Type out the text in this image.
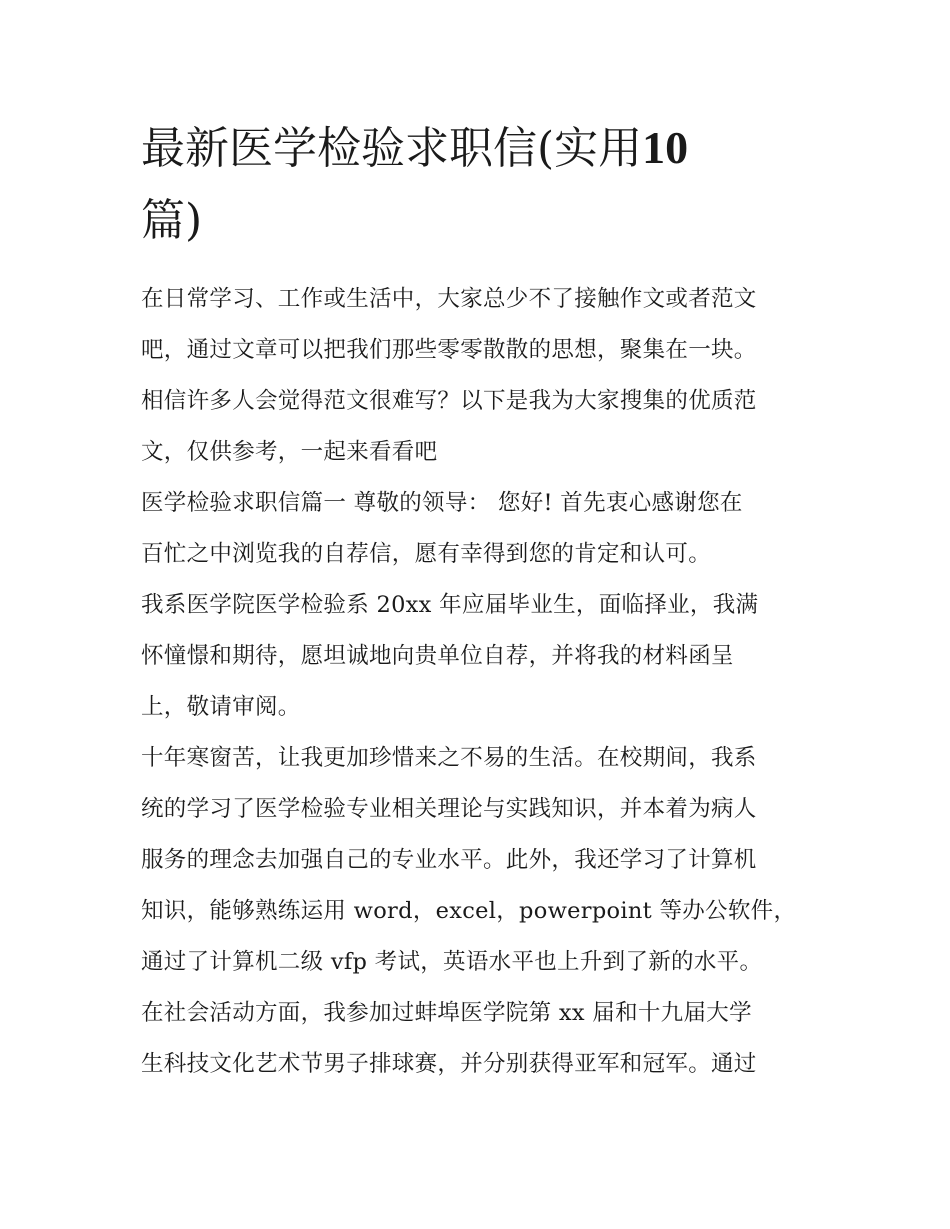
最新医学检验求职信(实用10
篇)
在日常学习、工作或生活中，大家总少不了接触作文或者范文
吧，通过文章可以把我们那些零零散散的思想，聚集在一块。
相信许多人会觉得范文很难写？以下是我为大家搜集的优质范
文，仅供参考，一起来看看吧
医学检验求职信篇一 尊敬的领导： 您好! 首先衷心感谢您在
百忙之中浏览我的自荐信，愿有幸得到您的肯定和认可。
我系医学院医学检验系 20xx 年应届毕业生，面临择业，我满
怀憧憬和期待，愿坦诚地向贵单位自荐，并将我的材料函呈
上，敬请审阅。
十年寒窗苦，让我更加珍惜来之不易的生活。在校期间，我系
统的学习了医学检验专业相关理论与实践知识，并本着为病人
服务的理念去加强自己的专业水平。此外，我还学习了计算机
知识，能够熟练运用 word，excel，powerpoint 等办公软件，
通过了计算机二级 vfp 考试，英语水平也上升到了新的水平。
在社会活动方面，我参加过蚌埠医学院第 xx 届和十九届大学
生科技文化艺术节男子排球赛，并分别获得亚军和冠军。通过
